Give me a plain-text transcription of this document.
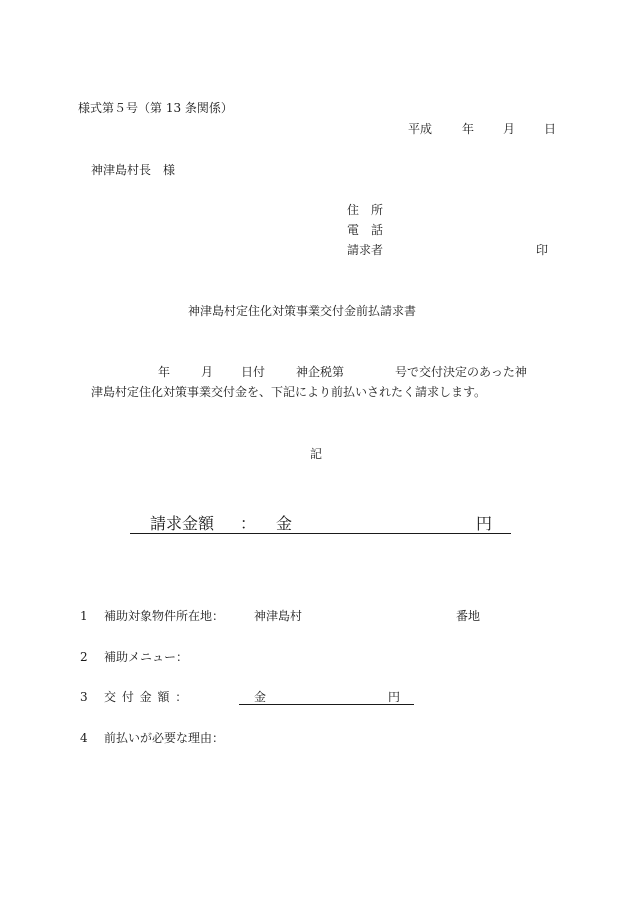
様式第５号（第 13 条関係）
平成 年 月 日
神津島村長　様
住　所
電　話
請求者	印
神津島村定住化対策事業交付金前払請求書
年	月 日付	神企税第	号で交付決定のあった神
津島村定住化対策事業交付金を、下記により前払いされたく請求します。
記
請求金額 ： 金	円
1 補助対象物件所在地： 神津島村	番地
2 補助メニュー：
3 交 付 金 額 ：	金	円
4 前払いが必要な理由：
